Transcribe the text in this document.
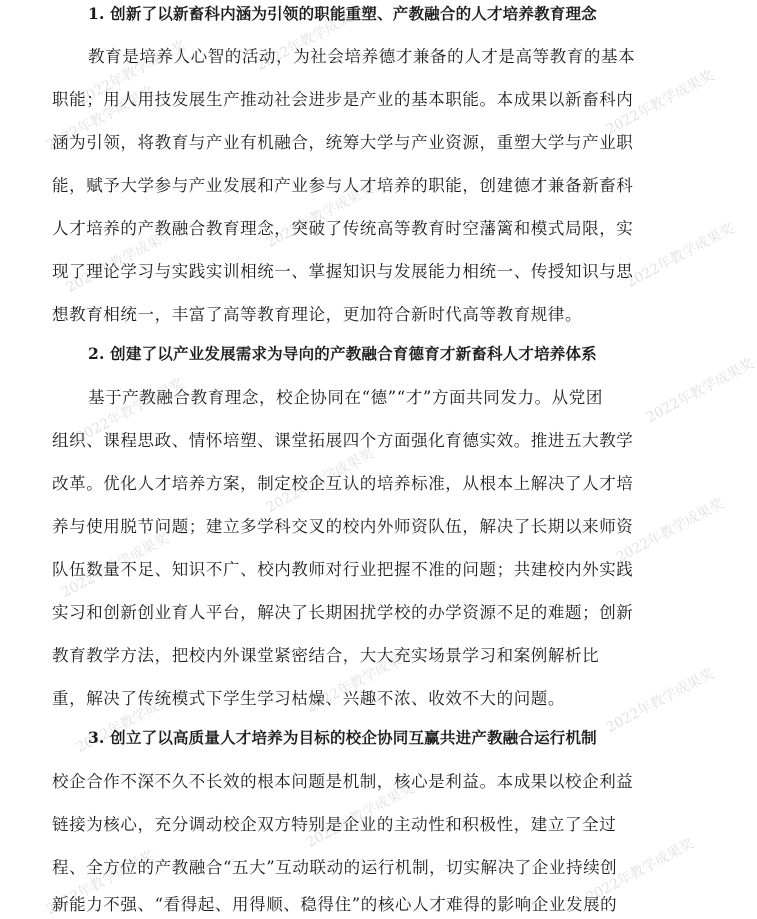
2022年教学成果奖	2022年教学成果奖
2022年教学成果奖	2022年教学成果奖
2022年教学成果奖
2022年教学成果奖	2022年教学成果奖
2022年教学成果奖	2022年教学成果奖
2022年教学成果奖
2022年教学成果奖	2022年教学成果奖
2022年教学成果奖
2022年教学成果奖	2022年教学成果奖
2022年教学成果奖
2022年教学成果奖	2022年教学成果奖
1. 创新了以新畜科内涵为引领的职能重塑、产教融合的人才培养教育理念
教育是培养人心智的活动，为社会培养德才兼备的人才是高等教育的基本
职能；用人用技发展生产推动社会进步是产业的基本职能。本成果以新畜科内
涵为引领，将教育与产业有机融合，统筹大学与产业资源，重塑大学与产业职
能，赋予大学参与产业发展和产业参与人才培养的职能，创建德才兼备新畜科
人才培养的产教融合教育理念，突破了传统高等教育时空藩篱和模式局限，实
现了理论学习与实践实训相统一、掌握知识与发展能力相统一、传授知识与思
想教育相统一，丰富了高等教育理论，更加符合新时代高等教育规律。
2. 创建了以产业发展需求为导向的产教融合育德育才新畜科人才培养体系
基于产教融合教育理念，校企协同在“德”“才”方面共同发力。从党团
组织、课程思政、情怀培塑、课堂拓展四个方面强化育德实效。推进五大教学
改革。优化人才培养方案，制定校企互认的培养标准，从根本上解决了人才培
养与使用脱节问题；建立多学科交叉的校内外师资队伍，解决了长期以来师资
队伍数量不足、知识不广、校内教师对行业把握不准的问题；共建校内外实践
实习和创新创业育人平台，解决了长期困扰学校的办学资源不足的难题；创新
教育教学方法，把校内外课堂紧密结合，大大充实场景学习和案例解析比
重，解决了传统模式下学生学习枯燥、兴趣不浓、收效不大的问题。
3. 创立了以高质量人才培养为目标的校企协同互赢共进产教融合运行机制
校企合作不深不久不长效的根本问题是机制，核心是利益。本成果以校企利益
链接为核心，充分调动校企双方特别是企业的主动性和积极性，建立了全过
程、全方位的产教融合“五大”互动联动的运行机制，切实解决了企业持续创
新能力不强、“看得起、用得顺、稳得住”的核心人才难得的影响企业发展的
